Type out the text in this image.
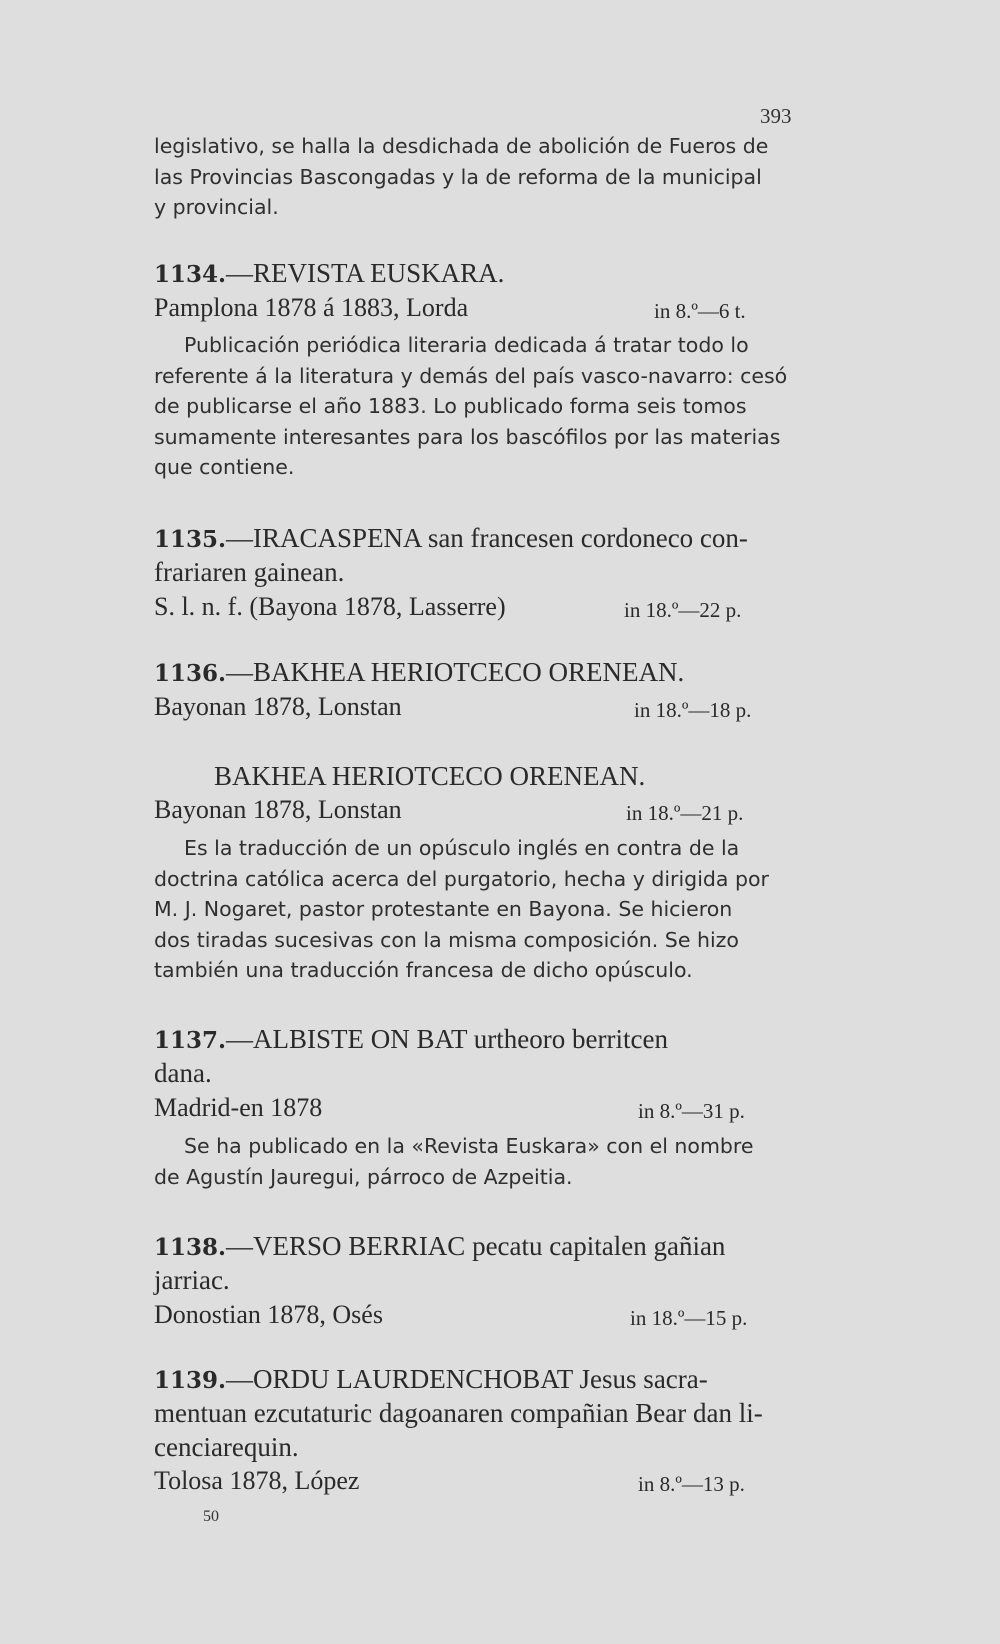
393
legislativo, se halla la desdichada de abolición de Fueros de
las Provincias Bascongadas y la de reforma de la municipal
y provincial.
1134.—REVISTA EUSKARA.
Pamplona 1878 á 1883, Lorda	in 8.º—6 t.
Publicación periódica literaria dedicada á tratar todo lo
referente á la literatura y demás del país vasco-navarro: cesó
de publicarse el año 1883. Lo publicado forma seis tomos
sumamente interesantes para los bascófilos por las materias
que contiene.
1135.—IRACASPENA san francesen cordoneco con-
frariaren gainean.
S. l. n. f. (Bayona 1878, Lasserre)	in 18.º—22 p.
1136.—BAKHEA HERIOTCECO ORENEAN.
Bayonan 1878, Lonstan	in 18.º—18 p.
BAKHEA HERIOTCECO ORENEAN.
Bayonan 1878, Lonstan	in 18.º—21 p.
Es la traducción de un opúsculo inglés en contra de la
doctrina católica acerca del purgatorio, hecha y dirigida por
M. J. Nogaret, pastor protestante en Bayona. Se hicieron
dos tiradas sucesivas con la misma composición. Se hizo
también una traducción francesa de dicho opúsculo.
1137.—ALBISTE ON BAT urtheoro berritcen
dana.
Madrid-en 1878	in 8.º—31 p.
Se ha publicado en la «Revista Euskara» con el nombre
de Agustín Jauregui, párroco de Azpeitia.
1138.—VERSO BERRIAC pecatu capitalen gañian
jarriac.
Donostian 1878, Osés	in 18.º—15 p.
1139.—ORDU LAURDENCHOBAT Jesus sacra-
mentuan ezcutaturic dagoanaren compañian Bear dan li-
cenciarequin.
Tolosa 1878, López	in 8.º—13 p.
50
